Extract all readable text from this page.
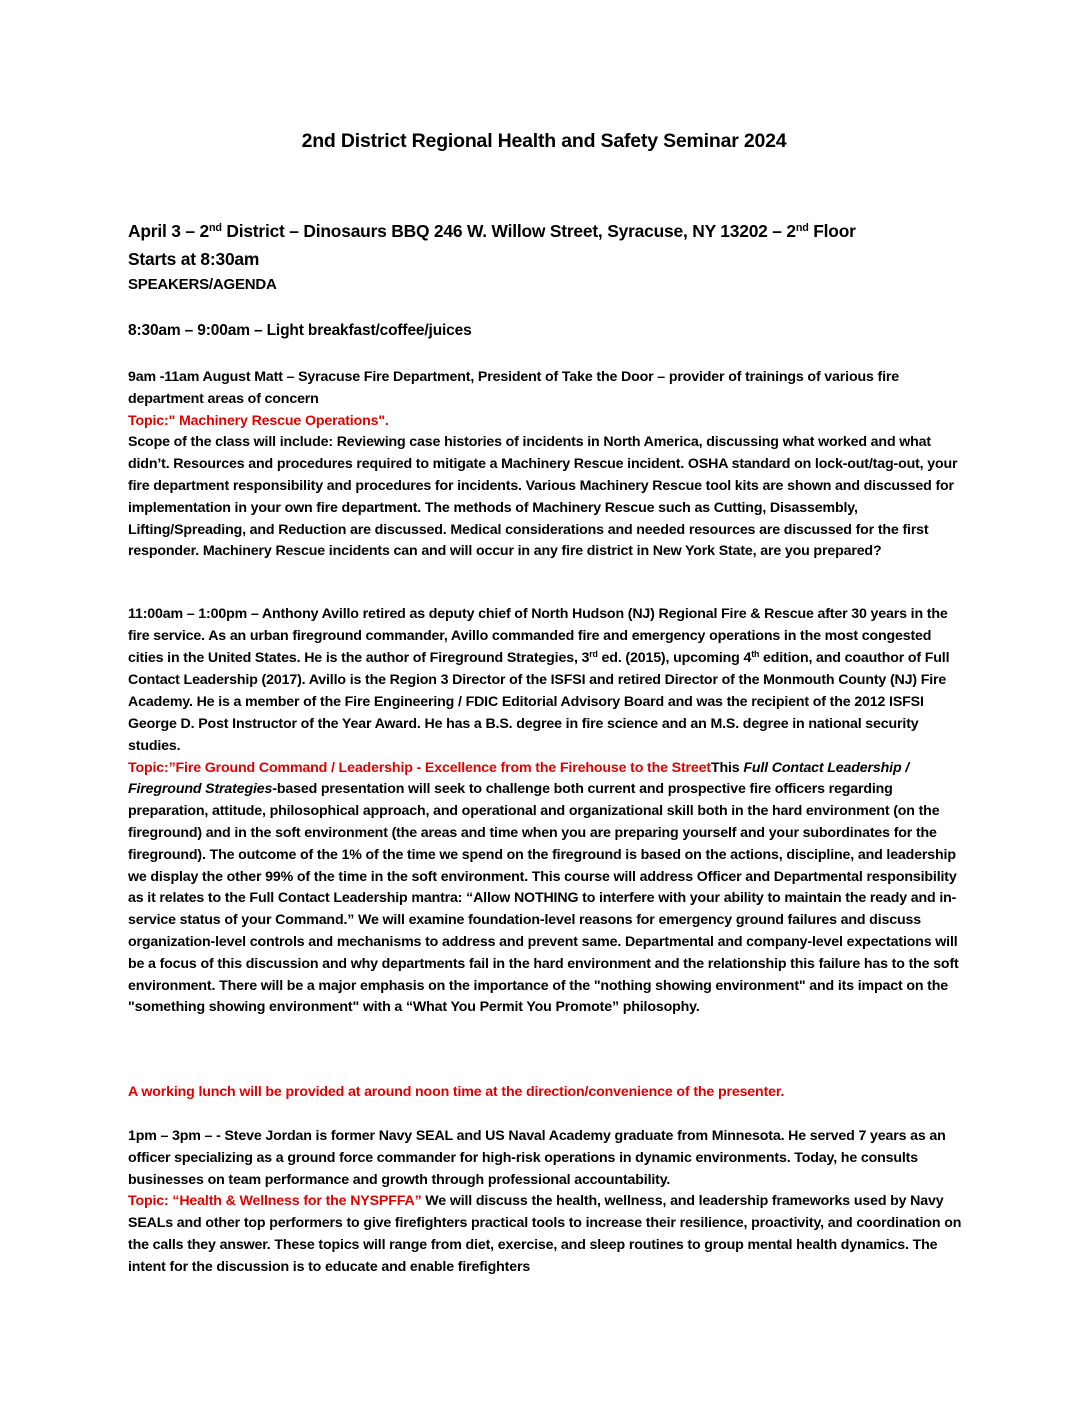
2nd District Regional Health and Safety Seminar 2024
April 3 – 2nd District – Dinosaurs BBQ 246 W. Willow Street, Syracuse, NY 13202 – 2nd Floor
Starts at 8:30am
SPEAKERS/AGENDA
8:30am – 9:00am – Light breakfast/coffee/juices

9am -11am August Matt – Syracuse Fire Department, President of Take the Door – provider of trainings of various fire department areas of concern

Topic:" Machinery Rescue Operations".

Scope of the class will include: Reviewing case histories of incidents in North America, discussing what worked and what didn’t. Resources and procedures required to mitigate a Machinery Rescue incident. OSHA standard on lock-out/tag-out, your fire department responsibility and procedures for incidents. Various Machinery Rescue tool kits are shown and discussed for implementation in your own fire department. The methods of Machinery Rescue such as Cutting, Disassembly, Lifting/Spreading, and Reduction are discussed. Medical considerations and needed resources are discussed for the first responder. Machinery Rescue incidents can and will occur in any fire district in New York State, are you prepared?

11:00am – 1:00pm – Anthony Avillo retired as deputy chief of North Hudson (NJ) Regional Fire & Rescue after 30 years in the fire service. As an urban fireground commander, Avillo commanded fire and emergency operations in the most congested cities in the United States. He is the author of Fireground Strategies, 3rd ed. (2015), upcoming 4th edition, and coauthor of Full Contact Leadership (2017). Avillo is the Region 3 Director of the ISFSI and retired Director of the Monmouth County (NJ) Fire Academy. He is a member of the Fire Engineering / FDIC Editorial Advisory Board and was the recipient of the 2012 ISFSI George D. Post Instructor of the Year Award. He has a B.S. degree in fire science and an M.S. degree in national security studies.

Topic:”Fire Ground Command / Leadership - Excellence from the Firehouse to the StreetThis Full Contact Leadership / Fireground Strategies-based presentation will seek to challenge both current and prospective fire officers regarding preparation, attitude, philosophical approach, and operational and organizational skill both in the hard environment (on the fireground) and in the soft environment (the areas and time when you are preparing yourself and your subordinates for the fireground). The outcome of the 1% of the time we spend on the fireground is based on the actions, discipline, and leadership we display the other 99% of the time in the soft environment. This course will address Officer and Departmental responsibility as it relates to the Full Contact Leadership mantra: “Allow NOTHING to interfere with your ability to maintain the ready and in-service status of your Command.” We will examine foundation-level reasons for emergency ground failures and discuss organization-level controls and mechanisms to address and prevent same. Departmental and company-level expectations will be a focus of this discussion and why departments fail in the hard environment and the relationship this failure has to the soft environment. There will be a major emphasis on the importance of the "nothing showing environment" and its impact on the "something showing environment" with a “What You Permit You Promote” philosophy.

A working lunch will be provided at around noon time at the direction/convenience of the presenter.

1pm – 3pm – - Steve Jordan is former Navy SEAL and US Naval Academy graduate from Minnesota. He served 7 years as an officer specializing as a ground force commander for high-risk operations in dynamic environments. Today, he consults businesses on team performance and growth through professional accountability.

Topic: “Health & Wellness for the NYSPFFA” We will discuss the health, wellness, and leadership frameworks used by Navy SEALs and other top performers to give firefighters practical tools to increase their resilience, proactivity, and coordination on the calls they answer. These topics will range from diet, exercise, and sleep routines to group mental health dynamics. The intent for the discussion is to educate and enable firefighters
